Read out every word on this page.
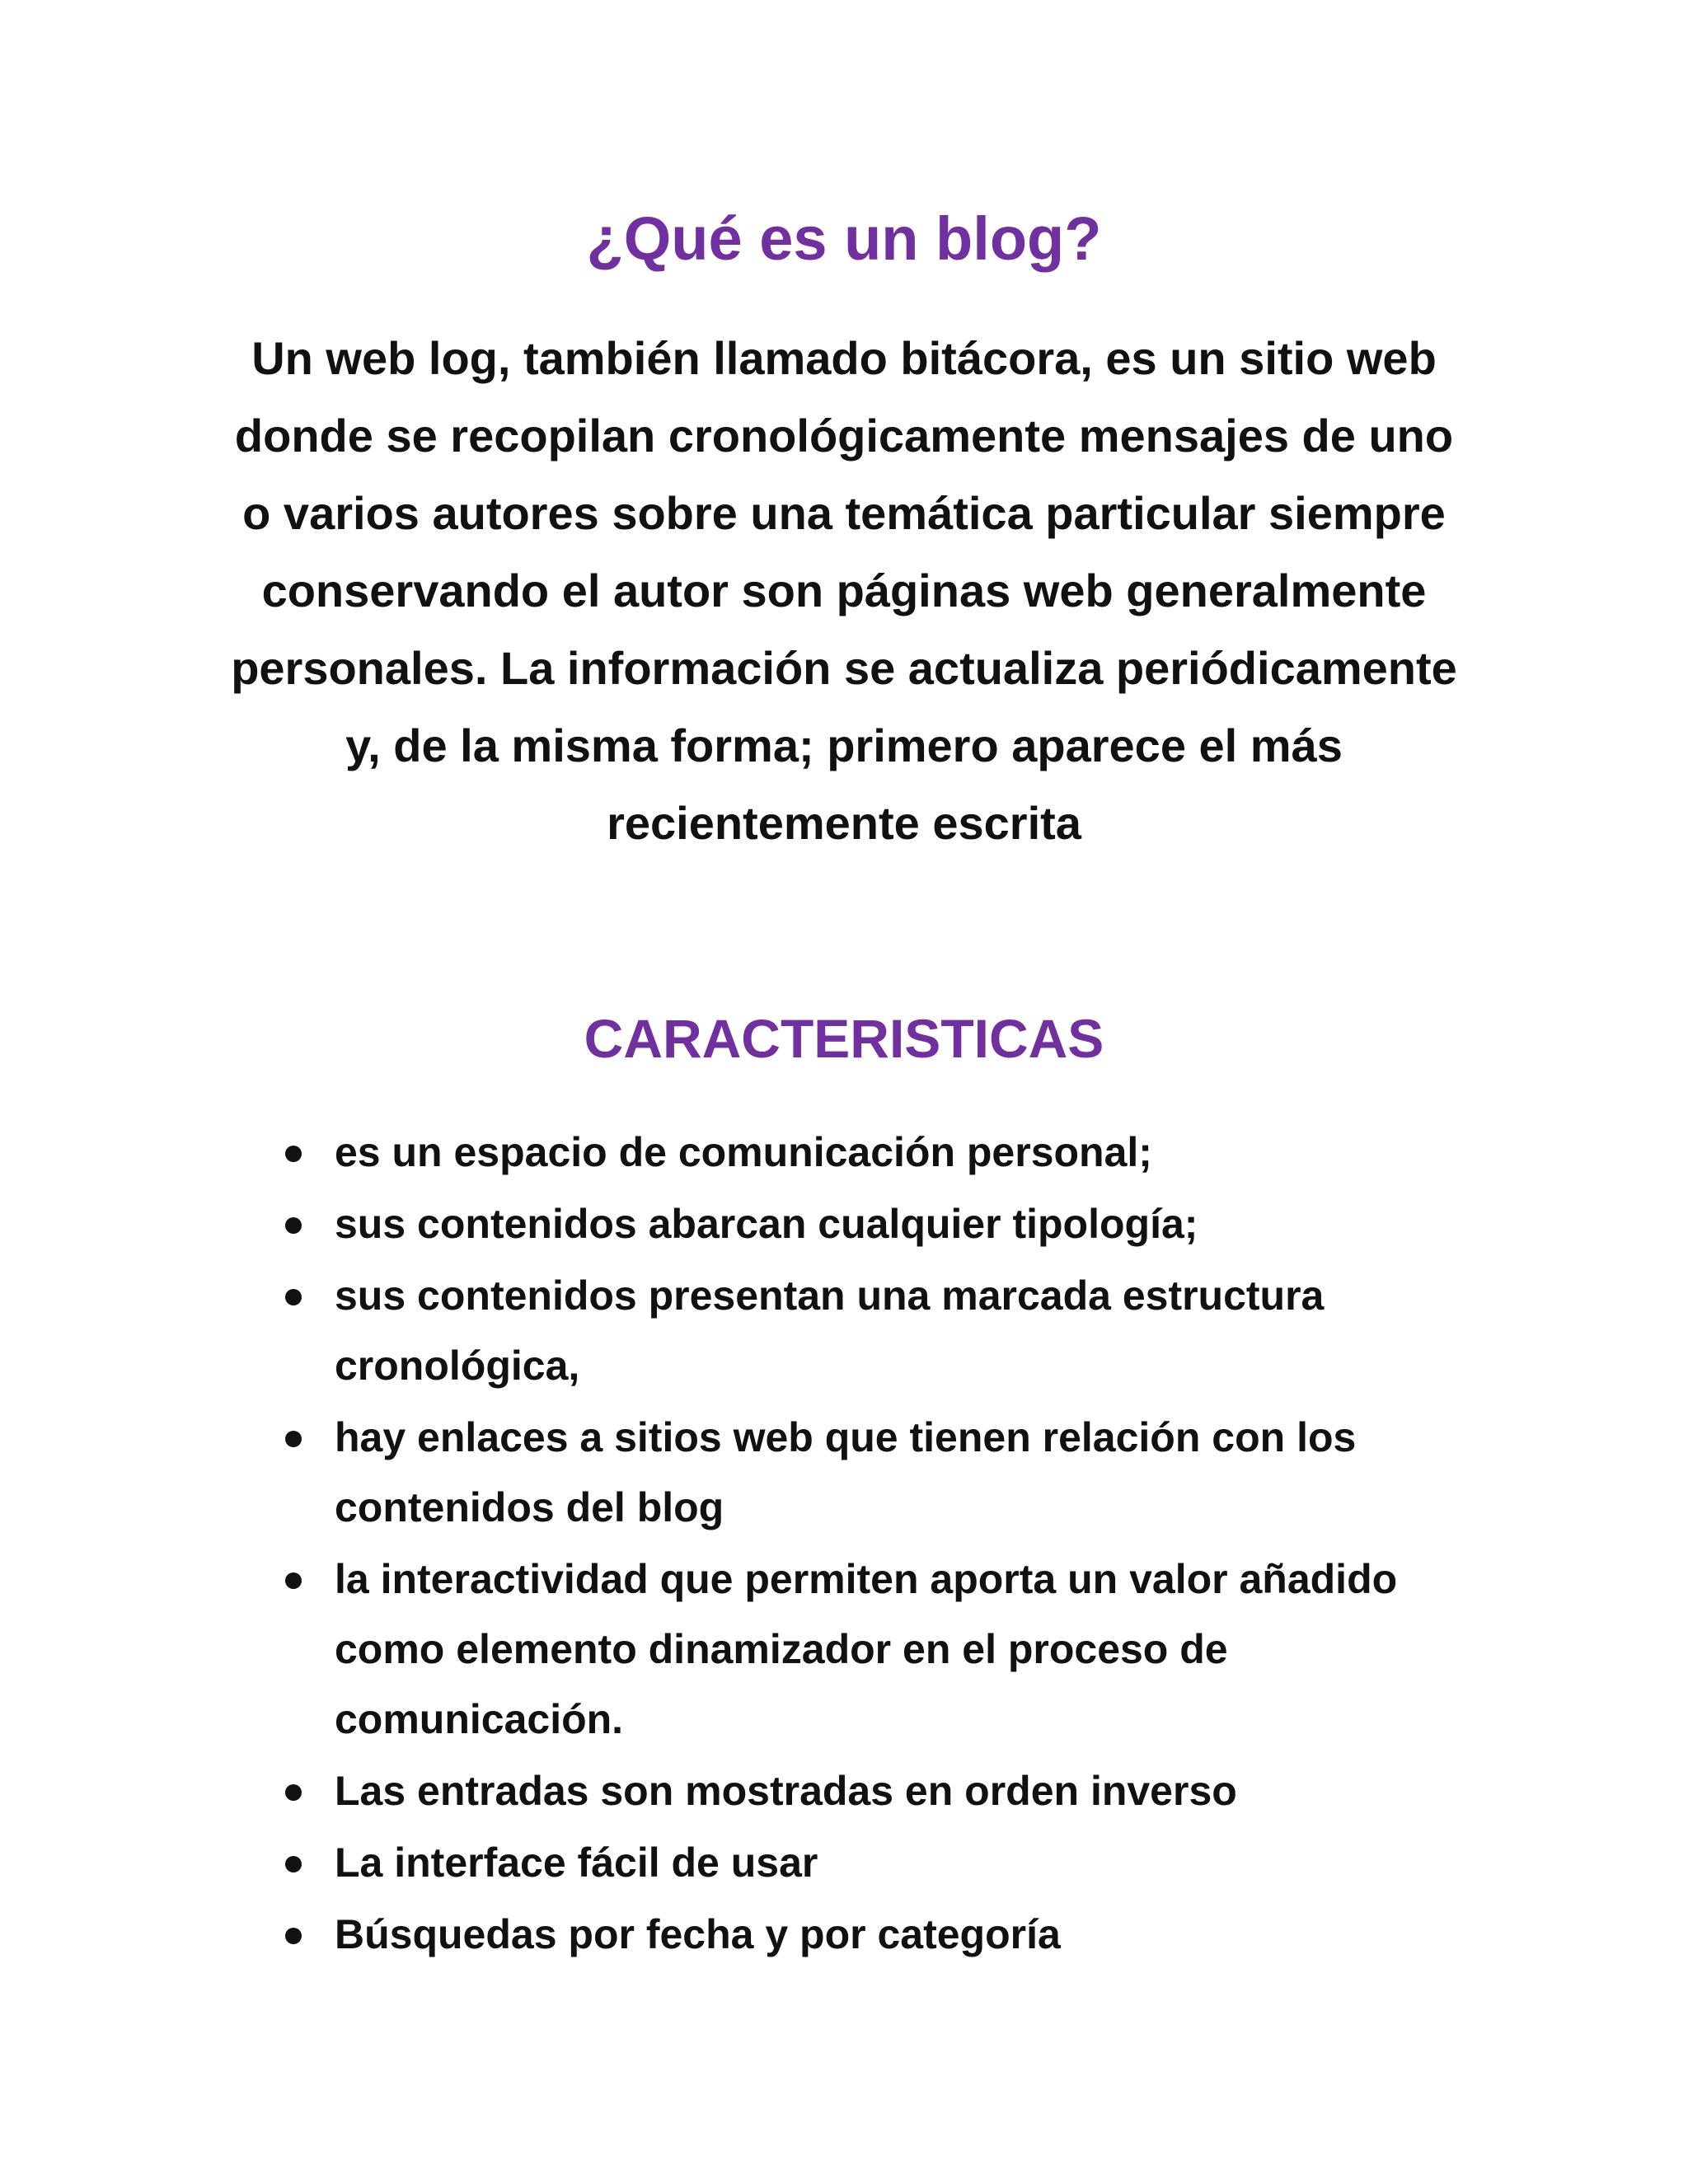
¿Qué es un blog?

Un web log, también llamado bitácora, es un sitio web donde se recopilan cronológicamente mensajes de uno o varios autores sobre una temática particular siempre conservando el autor son páginas web generalmente personales. La información se actualiza periódicamente y, de la misma forma; primero aparece el más recientemente escrita

CARACTERISTICAS
es un espacio de comunicación personal;
sus contenidos abarcan cualquier tipología;
sus contenidos presentan una marcada estructura cronológica,
hay enlaces a sitios web que tienen relación con los contenidos del blog
la interactividad que permiten aporta un valor añadido como elemento dinamizador en el proceso de comunicación.
Las entradas son mostradas en orden inverso
La interface fácil de usar
Búsquedas por fecha y por categoría
